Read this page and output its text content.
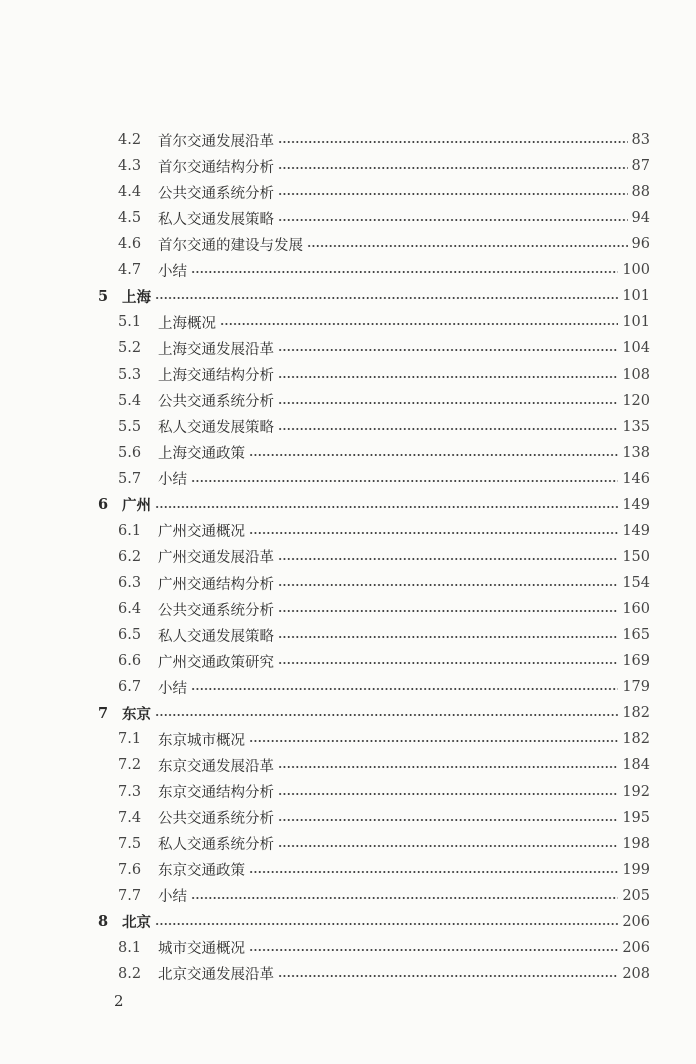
4.2	首尔交通发展沿革	83
4.3	首尔交通结构分析	87
4.4	公共交通系统分析	88
4.5	私人交通发展策略	94
4.6	首尔交通的建设与发展	96
4.7	小结	100
5 上海	101
5.1	上海概况	101
5.2	上海交通发展沿革	104
5.3	上海交通结构分析	108
5.4	公共交通系统分析	120
5.5	私人交通发展策略	135
5.6	上海交通政策	138
5.7	小结	146
6 广州	149
6.1	广州交通概况	149
6.2	广州交通发展沿革	150
6.3	广州交通结构分析	154
6.4	公共交通系统分析	160
6.5	私人交通发展策略	165
6.6	广州交通政策研究	169
6.7	小结	179
7 东京	182
7.1	东京城市概况	182
7.2	东京交通发展沿革	184
7.3	东京交通结构分析	192
7.4	公共交通系统分析	195
7.5	私人交通系统分析	198
7.6	东京交通政策	199
7.7	小结	205
8 北京	206
8.1	城市交通概况	206
8.2	北京交通发展沿革	208
2
